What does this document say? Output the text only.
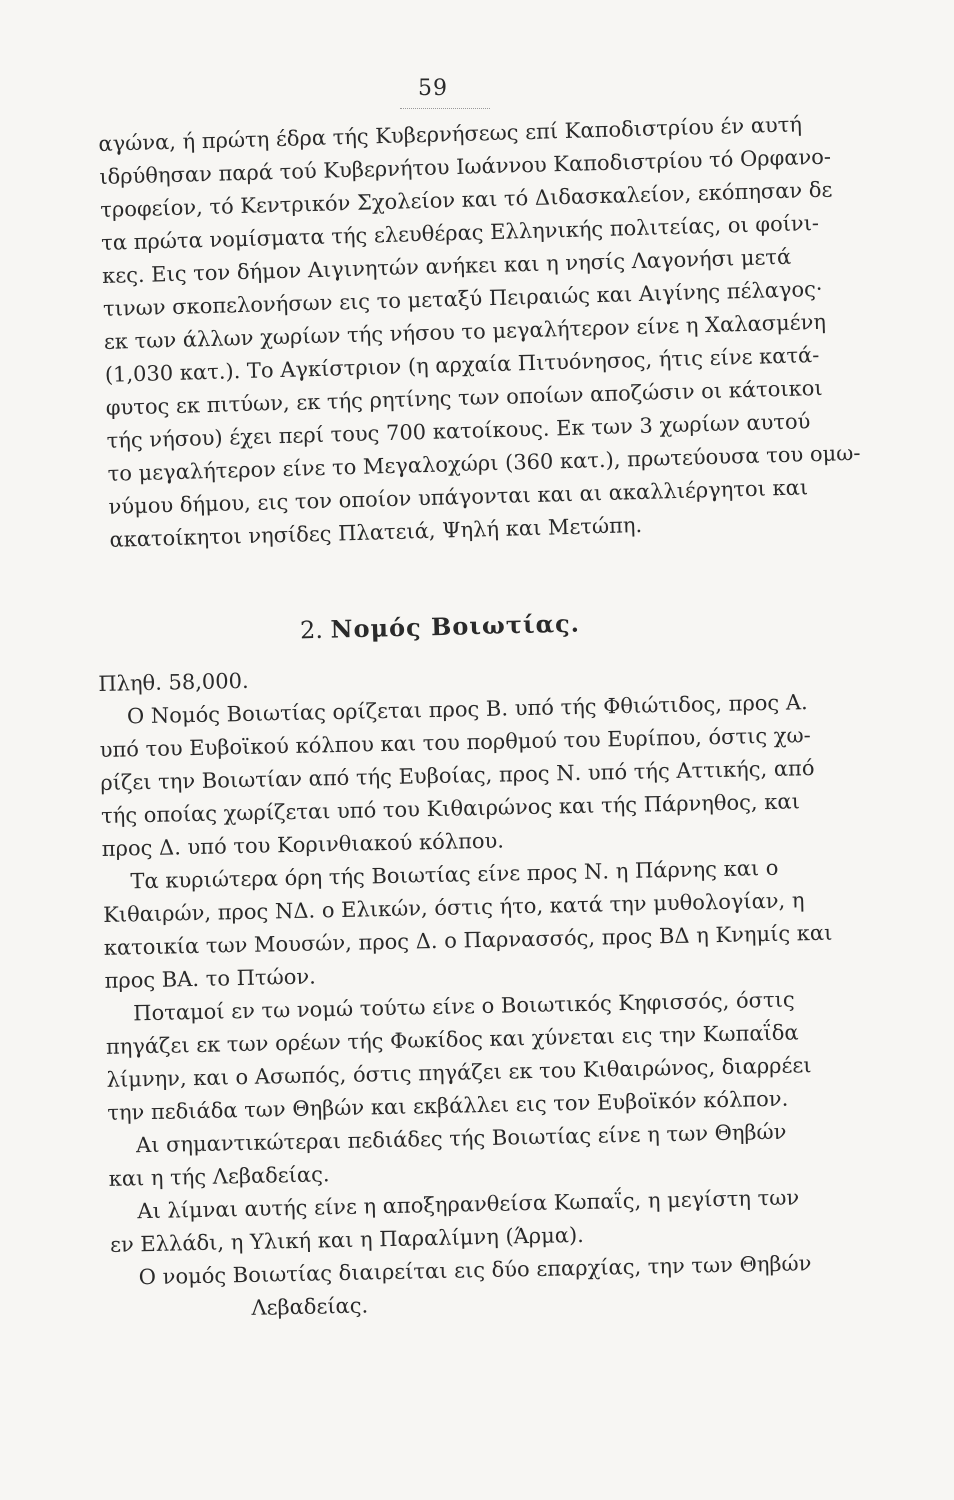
59
αγώνα, ή πρώτη έδρα τής Κυβερνήσεως επί Καποδιστρίου έν αυτή
ιδρύθησαν παρά τού Κυβερνήτου Ιωάννου Καποδιστρίου τό Ορφανο-
τροφείον, τό Κεντρικόν Σχολείον και τό Διδασκαλείον, εκόπησαν δε
τα πρώτα νομίσματα τής ελευθέρας Ελληνικής πολιτείας, οι φοίνι-
κες. Εις τον δήμον Αιγινητών ανήκει και η νησίς Λαγονήσι μετά
τινων σκοπελονήσων εις το μεταξύ Πειραιώς και Αιγίνης πέλαγος·
εκ των άλλων χωρίων τής νήσου το μεγαλήτερον είνε η Χαλασμένη
(1,030 κατ.). Το Αγκίστριον (η αρχαία Πιτυόνησος, ήτις είνε κατά-
φυτος εκ πιτύων, εκ τής ρητίνης των οποίων αποζώσιν οι κάτοικοι
τής νήσου) έχει περί τους 700 κατοίκους. Εκ των 3 χωρίων αυτού
το μεγαλήτερον είνε το Μεγαλοχώρι (360 κατ.), πρωτεύουσα του ομω-
νύμου δήμου, εις τον οποίον υπάγονται και αι ακαλλιέργητοι και
ακατοίκητοι νησίδες Πλατειά, Ψηλή και Μετώπη.
2. Νομός Βοιωτίας.
Πληθ. 58,000.
Ο Νομός Βοιωτίας ορίζεται προς Β. υπό τής Φθιώτιδος, προς Α.
υπό του Ευβοϊκού κόλπου και του πορθμού του Ευρίπου, όστις χω-
ρίζει την Βοιωτίαν από τής Ευβοίας, προς Ν. υπό τής Αττικής, από
τής οποίας χωρίζεται υπό του Κιθαιρώνος και τής Πάρνηθος, και
προς Δ. υπό του Κορινθιακού κόλπου.
Τα κυριώτερα όρη τής Βοιωτίας είνε προς Ν. η Πάρνης και ο
Κιθαιρών, προς ΝΔ. ο Ελικών, όστις ήτο, κατά την μυθολογίαν, η
κατοικία των Μουσών, προς Δ. ο Παρνασσός, προς ΒΔ η Κνημίς και
προς ΒΑ. το Πτώον.
Ποταμοί εν τω νομώ τούτω είνε ο Βοιωτικός Κηφισσός, όστις
πηγάζει εκ των ορέων τής Φωκίδος και χύνεται εις την Κωπαΐδα
λίμνην, και ο Ασωπός, όστις πηγάζει εκ του Κιθαιρώνος, διαρρέει
την πεδιάδα των Θηβών και εκβάλλει εις τον Ευβοϊκόν κόλπον.
Αι σημαντικώτεραι πεδιάδες τής Βοιωτίας είνε η των Θηβών
και η τής Λεβαδείας.
Αι λίμναι αυτής είνε η αποξηρανθείσα Κωπαΐς, η μεγίστη των
εν Ελλάδι, η Υλική και η Παραλίμνη (Άρμα).
Ο νομός Βοιωτίας διαιρείται εις δύο επαρχίας, την των Θηβών
Λεβαδείας.
